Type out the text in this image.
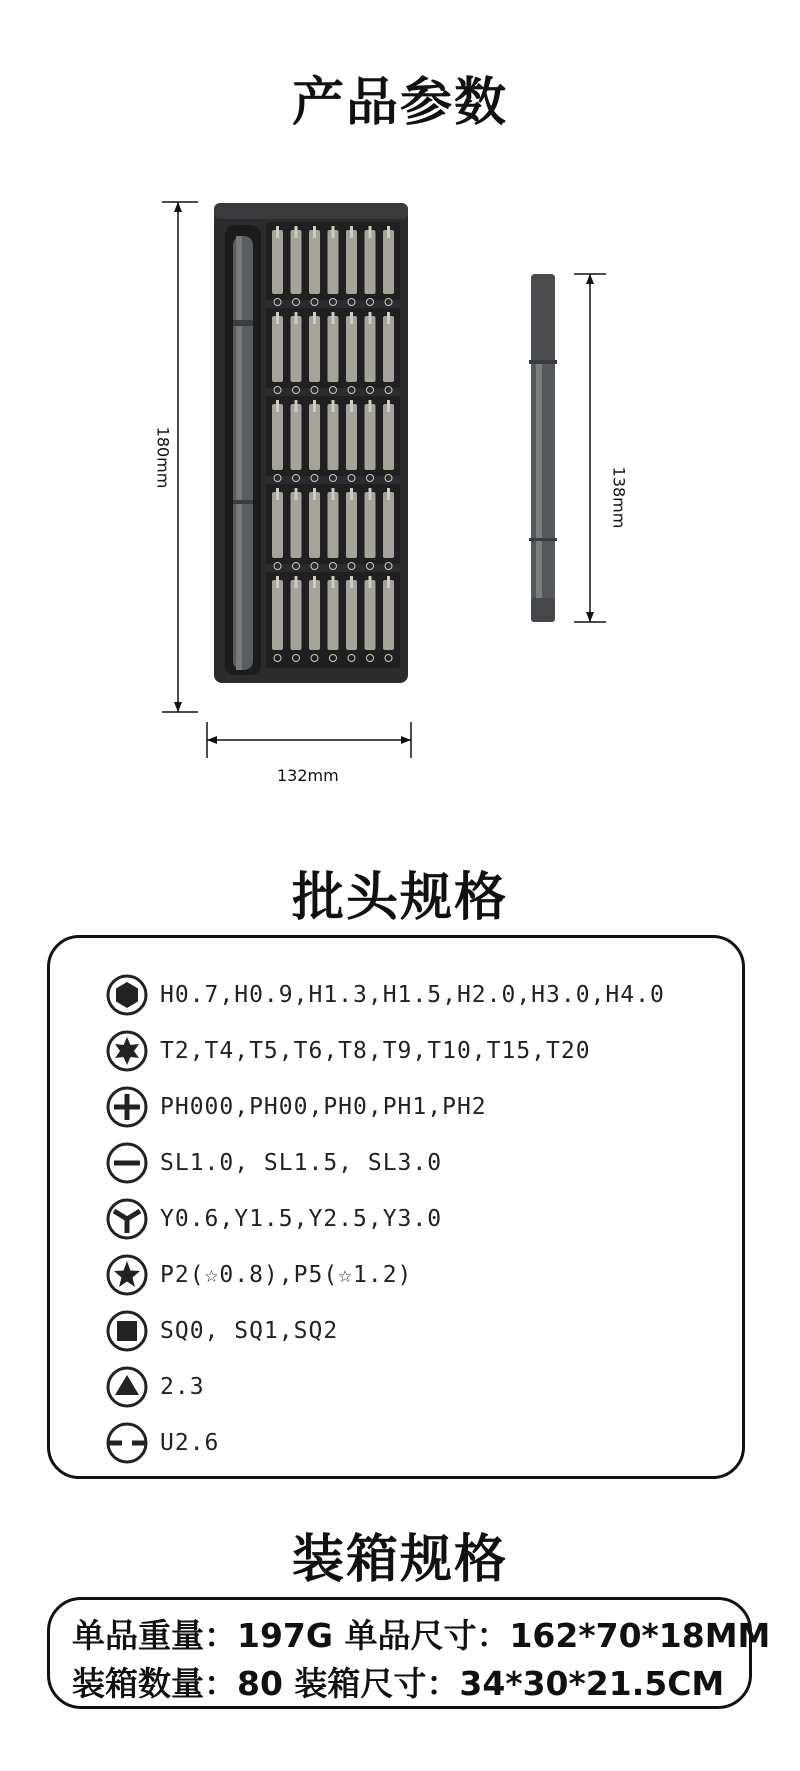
产品参数
180mm
132mm
138mm
批头规格
H0.7,H0.9,H1.3,H1.5,H2.0,H3.0,H4.0
T2,T4,T5,T6,T8,T9,T10,T15,T20
PH000,PH00,PH0,PH1,PH2
SL1.0, SL1.5, SL3.0
Y0.6,Y1.5,Y2.5,Y3.0
P2(☆0.8),P5(☆1.2)
SQ0, SQ1,SQ2
2.3
U2.6
装箱规格
单品重量：197G 单品尺寸：162*70*18MM
装箱数量：80 装箱尺寸：34*30*21.5CM
